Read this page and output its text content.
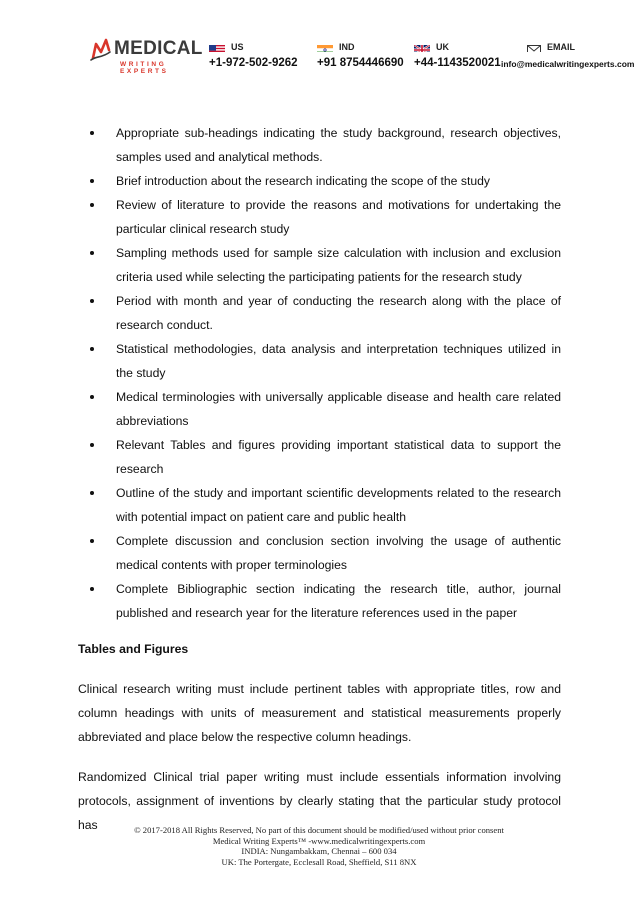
MEDICAL
WRITING EXPERTS
US
+1-972-502-9262
IND
+91 8754446690
UK
+44-1143520021
EMAIL
info@medicalwritingexperts.com
Appropriate sub-headings indicating the study background, research objectives, samples used and analytical methods.
Brief introduction about the research indicating the scope of the study
Review of literature to provide the reasons and motivations for undertaking the particular clinical research study
Sampling methods used for sample size calculation with inclusion and exclusion criteria used while selecting the participating patients for the research study
Period with month and year of conducting the research along with the place of research conduct.
Statistical methodologies, data analysis and interpretation techniques utilized in the study
Medical terminologies with universally applicable disease and health care related abbreviations
Relevant Tables and figures providing important statistical data to support the research
Outline of the study and important scientific developments related to the research with potential impact on patient care and public health
Complete discussion and conclusion section involving the usage of authentic medical contents with proper terminologies
Complete Bibliographic section indicating the research title, author, journal published and research year for the literature references used in the paper
Tables and Figures

Clinical research writing must include pertinent tables with appropriate titles, row and column headings with units of measurement and statistical measurements properly abbreviated and place below the respective column headings.

Randomized Clinical trial paper writing must include essentials information involving protocols, assignment of inventions by clearly stating that the particular study protocol has	© 2017-2018 All Rights Reserved, No part of this document should be modified/used without prior consent
Medical Writing Experts™ -www.medicalwritingexperts.com
INDIA: Nungambakkam, Chennai – 600 034
UK: The Portergate, Ecclesall Road, Sheffield, S11 8NX
